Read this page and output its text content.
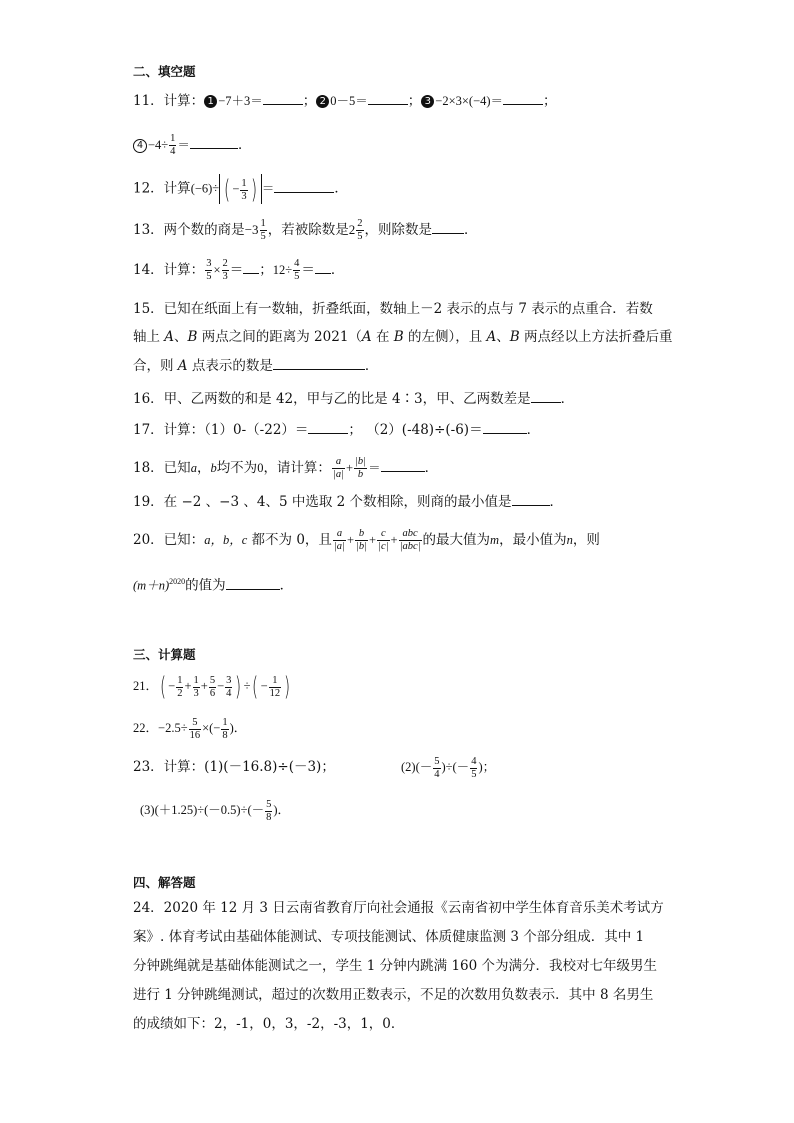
二、填空题
11．计算： 1 −7＋3＝	； 2 0－5＝	； 3 −2×3×(−4)＝	；
$4 -4\div \frac{1}{4}$ ＝	．
12．计算(−6)÷ ( − $\frac{1}{3}$ ) ＝	．
13．两个数的商是$-3 \frac{1}{5}$ ，若被除数是$2 \frac{2}{5}$ ，则除数是 ．
14．计算： $\frac{3}{5} \times \frac{2}{3}$ ＝ ；$12\div \frac{4}{5}$ ＝ ．
15．已知在纸面上有一数轴，折叠纸面，数轴上－2 表示的点与 7 表示的点重合．若数
轴上 A、B 两点之间的距离为 2021（A 在 B 的左侧），且 A、B 两点经以上方法折叠后重
合，则 A 点表示的数是	．
16．甲、乙两数的和是 42，甲与乙的比是 4∶3，甲、乙两数差是 ．
17．计算：（1）0-（-22）＝	； （2）(-48)÷(-6)＝	．
18．已知a，b均不为0，请计算： $\frac{a}{|a|} + \frac{|b|}{b}$ ＝	．
19．在 −2 、−3 、4、5 中选取 2 个数相除，则商的最小值是	．
20．已知：a，b，c 都不为 0，且 $\frac{a}{|a|} + \frac{b}{|b|} + \frac{c}{|c|} + \frac{\text{abc}}{\text{|abc|}}$ 的最大值为m，最小值为n，则
$(m+n)^{2020}$的值为	．
三、计算题
21．( − $\frac{1}{2} + \frac{1}{3} + \frac{5}{6} - \frac{3}{4}$ ) ÷( − $\frac{1}{12}$ )
22．$-2.5\div \frac{5}{16}$ ×(− $\frac{1}{8}$ )．
23．计算：(1)(－16.8)÷(－3)；	$(2)(- \frac{5}{4}$ )÷(－ $\frac{4}{5}$ )；
$(3)(+1.25)\div(-0.5)\div(- \frac{5}{8}$ )．
四、解答题
24．2020 年 12 月 3 日云南省教育厅向社会通报《云南省初中学生体育音乐美术考试方
案》. 体育考试由基础体能测试、专项技能测试、体质健康监测 3 个部分组成．其中 1
分钟跳绳就是基础体能测试之一，学生 1 分钟内跳满 160 个为满分．我校对七年级男生
进行 1 分钟跳绳测试，超过的次数用正数表示，不足的次数用负数表示．其中 8 名男生
的成绩如下：2，-1，0，3，-2，-3，1，0．
